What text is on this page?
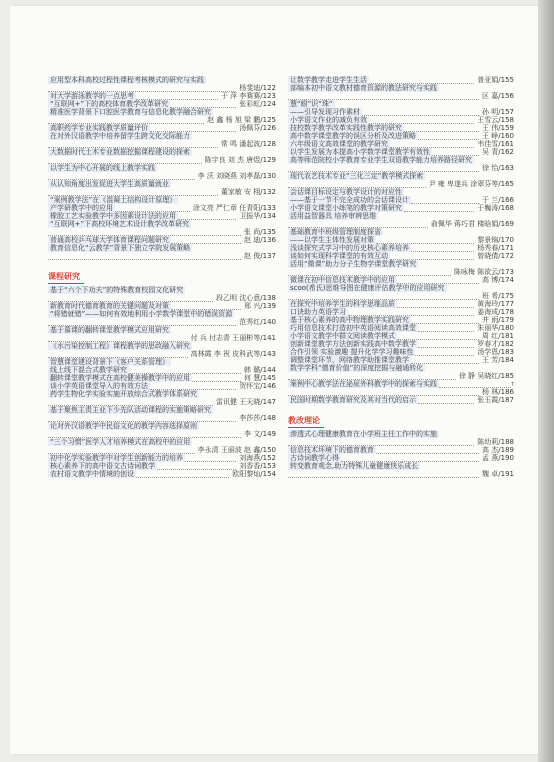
应用型本科高校过程性课程考核模式的研究与实践
杨斐迪/122
对大学游泳教学的一点思考	于 萍 李赛赛/123
“互联网+”下的高校体育教学改革研究	张彩虹/124
精准医学背景下口腔医学教育与信息化教学融合研究
赵 鑫 杨 旭 梁 鹏/125
高职药学专业实践教学质量评价	汤佩芬/126
在对外汉语教学中培养留学生跨文化交际能力
常 鸣 潘起波/128
大数据时代土木专业数据挖掘课程建设的探索
陈宇良 刘 杰 唐煜/129
以学生为中心开展的线上教学实践
李 沃 刘晓燕 刘孝磊/130
从认知角度出发促进大学生高质量就业
董家敏 安 栩/132
“案例教学法”在《混凝土结构设计原理》
产学研教学中的应用	涂文亮 严仁章 任青阳/133
橡胶工艺实验教学中多因素设计法的应用	卫振华/134
“互联网+”下高校环境艺术设计教学改革研究
张 尚/135
普通高校乒乓球大学体育课程问题研究	赵 迪/136
教育信息化“云教学”背景下独立学院发展策略
赵 俊/137
课程研究
基于“六个下功夫”的特殊教育校园文化研究
段乙明 沈心意/138
新教育时代德育教育的关键问题及对策	邢 兴/139
“将错就错”——如何有效地利用小学数学课堂中的错误资源
范秀红/140
基于慕课的翻转课堂教学模式应用研究
付 兵 付志青 王丽彬等/141
《水污染控制工程》课程教学的思政融入研究
高林霞 李 祝 皮科武等/143
智慧课堂建设背景下《客户关系管理》
线上线下混合式教学研究	韩 璐/144
翻转课堂教学模式在高校健美操教学中的应用	何 慧/145
谈小学英语课堂导入的有效方法	贺怀宝/146
药学生物化学实验实施开放综合式教学体系研究
雷讯健 王天晓/147
基于聚焦主责主业下少先队活动课程的实施策略研究
李莎莎/148
论对外汉语教学中民俗文化的教学内容选择原则
李 文/149
“三个习惯”医学人才培养模式在高校中的应用
李永清 王丽波 赵 鑫/150
初中化学实验教学中对学生创新能力的培养	刘海燕/152
核心素养下的高中语文古诗词教学	刘香香/153
农村语文教学中情境的创设	欧阳黎灿/154
让数学教学走进学生生活	普亚娟/155
部编本初中语文教材德育资源的教法研究与实践
区 嘉/156
慧“眼”识“珠”
——引导发现习作素材	孙 明/157
小学语文作业的减负有效	王雪云/158
技校数学教学改革实践性教学的研究	王 伟/159
高中数学课堂教学的误区分析及改进策略	王 峥/160
六年级语文高效课堂的教学研究	韦佳雪/161
以学生发展为本提高小学数学课堂教学有效性	吴 青/162
高等师范院校小学教育专业学生双语教学能力培养路径研究
徐 怡/163
现代农艺技术专业“三化三定”教学模式探索
尹 雍 卑遂兵 涂翠芬等/165
会话课目标设定与教学设计的对应性
——基于一节不完全成功的会话课设计	于 兰/166
小学语文课堂小练笔的教学对策研究	于巍涛/168
活用益智器具 培养审辨思维
俞佩华 蒋巧君 楼晗娟/169
基础教育中班级管理制度探省
——以学生主体性发展对策	黎景锦/170
浅谈探究式学习中的历史核心素养培养	杨秀春/171
谈如何实现科学课堂的有效互动	曾晓倩/172
活用“微课”助力分子生物学课堂教学研究
陈咏梅 陈欲云/173
微课在初中信息技术教学中的应用	高 博/174
scoo(希氏)思维导图在健康评估教学中的应用研究
班 希/175
在探究中培养学生的科学思维品质	黄海玲/177
口诀助力英语学习	姜海成/178
基于核心素养的高中物理教学实践研究	井 雨/179
巧用信息技术打造初中英语阅读高效课堂	朱丽华/180
小学语文教学中群文阅读教学模式	周 红/181
创新课堂教学方法创新实践高中数学教学	罗春才/182
合作引领 实验激趣 提升化学学习趣味性	汤学恩/183
调整课堂环节，网络教学助推课堂教学	王 芳/184
数学学科“德育价值”的深度挖掘与融通转化
徐 静 吴晓红/185
案例中心教学法在泌尿外科教学中的探索与实践
杨 林/186
民国时期数学教育研究及其对当代的启示	张玉霞/187
教改理论
渗透式心理健康教育在小学班主任工作中的实施
陈幼莉/188
信息技术环境下的德育教育	高 杰/189
古诗词教学心得	孟 燕/190
转变教育观念,助力特殊儿童健康快乐成长
魏 卓/191
↑
